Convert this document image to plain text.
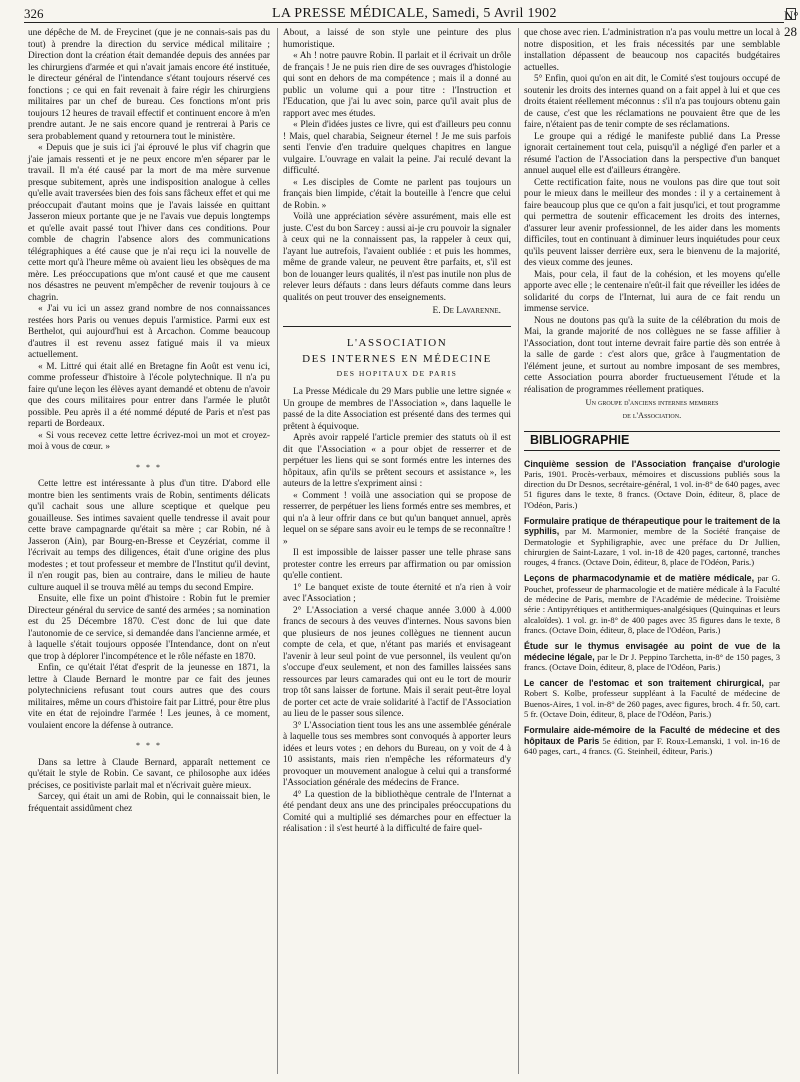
326	LA PRESSE MÉDICALE, Samedi, 5 Avril 1902	N° 28

une dépêche de M. de Freycinet (que je ne connais-sais pas du tout) à prendre la direction du service médical militaire ; Direction dont la création était demandée depuis des années par les chirurgiens d'armée et qui n'avait jamais encore été instituée, le directeur général de l'intendance s'étant toujours réservé ces fonctions ; ce qui en fait revenait à faire régir les chirurgiens militaires par un chef de bureau. Ces fonctions m'ont pris toujours 12 heures de travail effectif et continuent encore à m'en prendre autant. Je ne sais encore quand je rentrerai à Paris ce sera probablement quand y retournera tout le ministère.

« Depuis que je suis ici j'ai éprouvé le plus vif chagrin que j'aie jamais ressenti et je ne peux encore m'en séparer par le travail. Il m'a été causé par la mort de ma mère survenue presque subitement, après une indisposition analogue à celles qu'elle avait traversées bien des fois sans fâcheux effet et qui me préoccupait d'autant moins que je l'avais laissée en quittant Jasseron mieux portante que je ne l'avais vue depuis longtemps et qu'elle avait passé tout l'hiver dans ces conditions. Pour comble de chagrin l'absence alors des communications télégraphiques a été cause que je n'ai reçu ici la nouvelle de cette mort qu'à l'heure même où avaient lieu les obsèques de ma mère. Les préoccupations que m'ont causé et que me causent nos désastres ne peuvent m'empêcher de revenir toujours à ce chagrin.

« J'ai vu ici un assez grand nombre de nos connaissances restées hors Paris ou venues depuis l'armistice. Parmi eux est Berthelot, qui aujourd'hui est à Arcachon. Comme beaucoup d'autres il est revenu assez fatigué mais il va mieux actuellement.

« M. Littré qui était allé en Bretagne fin Août est venu ici, comme professeur d'histoire à l'école polytechnique. Il n'a pu faire qu'une leçon les élèves ayant demandé et obtenu de n'avoir que des cours militaires pour entrer dans l'armée le plutôt possible. Peu après il a été nommé député de Paris et n'est pas reparti de Bordeaux.

« Si vous recevez cette lettre écrivez-moi un mot et croyez-moi à vous de cœur. »

* * *

Cette lettre est intéressante à plus d'un titre. D'abord elle montre bien les sentiments vrais de Robin, sentiments délicats qu'il cachait sous une allure sceptique et quelque peu gouailleuse. Ses intimes savaient quelle tendresse il avait pour cette brave campagnarde qu'était sa mère ; car Robin, né à Jasseron (Ain), par Bourg-en-Bresse et Ceyzériat, comme il l'écrivait au temps des diligences, était d'une origine des plus modestes ; et tout professeur et membre de l'Institut qu'il devint, il n'en rougit pas, bien au contraire, dans le milieu de haute culture auquel il se trouva mêlé au temps du second Empire.

Ensuite, elle fixe un point d'histoire : Robin fut le premier Directeur général du service de santé des armées ; sa nomination est du 25 Décembre 1870. C'est donc de lui que date l'autonomie de ce service, si demandée dans l'ancienne armée, et à laquelle s'était toujours opposée l'Intendance, dont on n'eut que trop à déplorer l'incompétence et le rôle néfaste en 1870.

Enfin, ce qu'était l'état d'esprit de la jeunesse en 1871, la lettre à Claude Bernard le montre par ce fait des jeunes polytechniciens refusant tout cours autres que des cours militaires, même un cours d'histoire fait par Littré, pour être plus vite en état de rejoindre l'armée ! Les jeunes, à ce moment, voulaient encore la défense à outrance.

* * *

Dans sa lettre à Claude Bernard, apparaît nettement ce qu'était le style de Robin. Ce savant, ce philosophe aux idées précises, ce positiviste parlait mal et n'écrivait guère mieux.

Sarcey, qui était un ami de Robin, qui le connaissait bien, le fréquentait assidûment chez

About, a laissé de son style une peinture des plus humoristique.

« Ah ! notre pauvre Robin. Il parlait et il écrivait un drôle de français ! Je ne puis rien dire de ses ouvrages d'histologie qui sont en dehors de ma compétence ; mais il a donné au public un volume qui a pour titre : l'Instruction et l'Education, que j'ai lu avec soin, parce qu'il avait plus de rapport avec mes études.

« Plein d'idées justes ce livre, qui est d'ailleurs peu connu ! Mais, quel charabia, Seigneur éternel ! Je me suis parfois senti l'envie d'en traduire quelques chapitres en langue vulgaire. L'ouvrage en valait la peine. J'ai reculé devant la difficulté.

« Les disciples de Comte ne parlent pas toujours un français bien limpide, c'était la bouteille à l'encre que celui de Robin. »

Voilà une appréciation sévère assurément, mais elle est juste. C'est du bon Sarcey : aussi ai-je cru pouvoir la signaler à ceux qui ne la connaissent pas, la rappeler à ceux qui, l'ayant lue autrefois, l'avaient oubliée : et puis les hommes, même de grande valeur, ne peuvent être parfaits, et, s'il est bon de louanger leurs qualités, il n'est pas inutile non plus de relever leurs défauts : dans leurs défauts comme dans leurs qualités on peut trouver des enseignements.

E. De Lavarenne.
L'ASSOCIATION
DES INTERNES EN MÉDECINE
DES HOPITAUX DE PARIS

La Presse Médicale du 29 Mars publie une lettre signée « Un groupe de membres de l'Association », dans laquelle le passé de la dite Association est présenté dans des termes qui prêtent à équivoque.

Après avoir rappelé l'article premier des statuts où il est dit que l'Association « a pour objet de resserrer et de perpétuer les liens qui se sont formés entre les internes des hôpitaux, afin qu'ils se prêtent secours et assistance », les auteurs de la lettre s'expriment ainsi :

« Comment ! voilà une association qui se propose de resserrer, de perpétuer les liens formés entre ses membres, et qui n'a à leur offrir dans ce but qu'un banquet annuel, après lequel on se sépare sans avoir eu le temps de se reconnaître ! »

Il est impossible de laisser passer une telle phrase sans protester contre les erreurs par affirmation ou par omission qu'elle contient.

1° Le banquet existe de toute éternité et n'a rien à voir avec l'Association ;

2° L'Association a versé chaque année 3.000 à 4.000 francs de secours à des veuves d'internes. Nous savons bien que plusieurs de nos jeunes collègues ne tiennent aucun compte de cela, et que, n'étant pas mariés et envisageant l'avenir à leur seul point de vue personnel, ils veulent qu'on s'occupe d'eux seulement, et non des familles laissées sans ressources par leurs camarades qui ont eu le tort de mourir trop tôt sans laisser de fortune. Mais il serait peut-être loyal de porter cet acte de vraie solidarité à l'actif de l'Association au lieu de le passer sous silence.

3° L'Association tient tous les ans une assemblée générale à laquelle tous ses membres sont convoqués à apporter leurs idées et leurs votes ; en dehors du Bureau, on y voit de 4 à 10 assistants, mais rien n'empêche les réformateurs d'y provoquer un mouvement analogue à celui qui a transformé l'Association générale des médecins de France.

4° La question de la bibliothèque centrale de l'Internat a été pendant deux ans une des principales préoccupations du Comité qui a multiplié ses démarches pour en effectuer la réalisation : il s'est heurté à la difficulté de faire quel-

que chose avec rien. L'administration n'a pas voulu mettre un local à notre disposition, et les frais nécessités par une semblable installation dépassent de beaucoup nos capacités budgétaires actuelles.

5° Enfin, quoi qu'on en ait dit, le Comité s'est toujours occupé de soutenir les droits des internes quand on a fait appel à lui et que ces droits étaient réellement méconnus : s'il n'a pas toujours obtenu gain de cause, c'est que les réclamations ne pouvaient être que de les faire, n'étaient pas de tenir compte de ses réclamations.

Le groupe qui a rédigé le manifeste publié dans La Presse ignorait certainement tout cela, puisqu'il a négligé d'en parler et a résumé l'action de l'Association dans la perspective d'un banquet annuel auquel elle est d'ailleurs étrangère.

Cette rectification faite, nous ne voulons pas dire que tout soit pour le mieux dans le meilleur des mondes : il y a certainement à faire beaucoup plus que ce qu'on a fait jusqu'ici, et tout programme qui permettra de soutenir efficacement les droits des internes, d'assurer leur avenir professionnel, de les aider dans les moments difficiles, tout en continuant à diminuer leurs inquiétudes pour ceux qu'ils peuvent laisser derrière eux, sera le bienvenu de la majorité, des vieux comme des jeunes.

Mais, pour cela, il faut de la cohésion, et les moyens qu'elle apporte avec elle ; le centenaire n'eût-il fait que réveiller les idées de solidarité du corps de l'Internat, lui aura de ce fait rendu un immense service.

Nous ne doutons pas qu'à la suite de la célébration du mois de Mai, la grande majorité de nos collègues ne se fasse affilier à l'Association, dont tout interne devrait faire partie dès son entrée à la salle de garde : c'est alors que, grâce à l'augmentation de l'élément jeune, et surtout au nombre imposant de ses membres, cette Association pourra aborder fructueusement l'étude et la réalisation de programmes réellement pratiques.

Un groupe d'anciens internes membres
de l'Association.
BIBLIOGRAPHIE
Cinquième session de l'Association française d'urologie Paris, 1901. Procès-verbaux, mémoires et discussions publiés sous la direction du Dr Desnos, secrétaire-général, 1 vol. in-8° de 640 pages, avec 51 figures dans le texte, 8 francs. (Octave Doin, éditeur, 8, place de l'Odéon, Paris.)
Formulaire pratique de thérapeutique pour le traitement de la syphilis, par M. Marmonier, membre de la Société française de Dermatologie et Syphiligraphie, avec une préface du Dr Jullien, chirurgien de Saint-Lazare, 1 vol. in-18 de 420 pages, cartonné, tranches rouges, 4 francs. (Octave Doin, éditeur, 8, place de l'Odéon, Paris.)
Leçons de pharmacodynamie et de matière médicale, par G. Pouchet, professeur de pharmacologie et de matière médicale à la Faculté de médecine de Paris, membre de l'Académie de médecine. Troisième série : Antipyrétiques et antithermiques-analgésiques (Quinquinas et leurs alcaloïdes). 1 vol. gr. in-8° de 400 pages avec 35 figures dans le texte, 8 francs. (Octave Doin, éditeur, 8, place de l'Odéon, Paris.)
Étude sur le thymus envisagée au point de vue de la médecine légale, par le Dr J. Peppino Tarchetta, in-8° de 150 pages, 3 francs. (Octave Doin, éditeur, 8, place de l'Odéon, Paris.)
Le cancer de l'estomac et son traitement chirurgical, par Robert S. Kolbe, professeur suppléant à la Faculté de médecine de Buenos-Aires, 1 vol. in-8° de 260 pages, avec figures, broch. 4 fr. 50, cart. 5 fr. (Octave Doin, éditeur, 8, place de l'Odéon, Paris.)
Formulaire aide-mémoire de la Faculté de médecine et des hôpitaux de Paris 5e édition, par F. Roux-Lemanski, 1 vol. in-16 de 640 pages, cart., 4 francs. (G. Steinheil, éditeur, Paris.)
